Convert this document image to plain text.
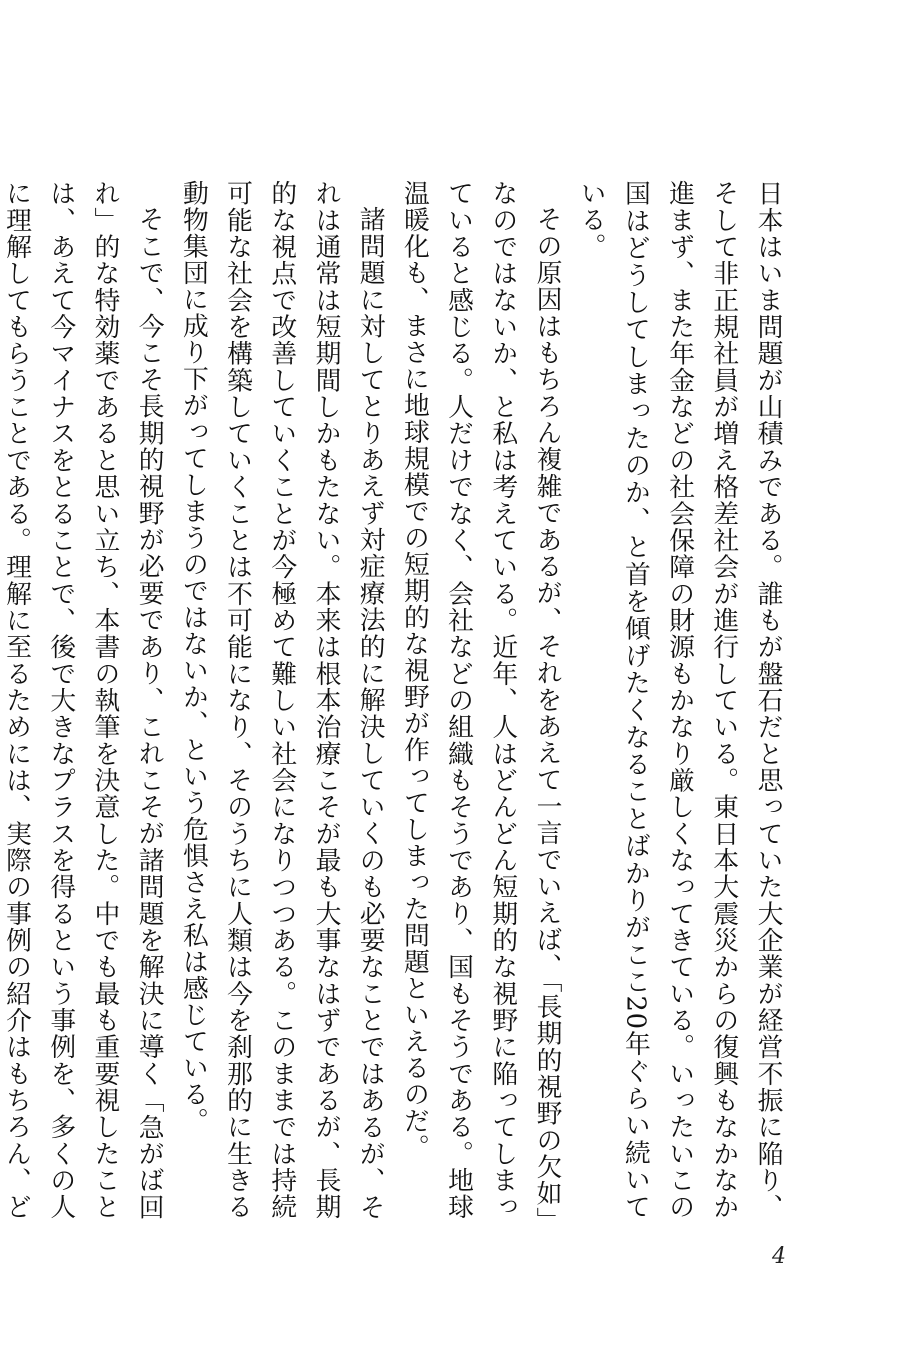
日本はいま問題が山積みである。誰もが盤石だと思っていた大企業が経営不振に陥り、そして非正規社員が増え格差社会が進行している。東日本大震災からの復興もなかなか進まず、また年金などの社会保障の財源もかなり厳しくなってきている。いったいこの国はどうしてしまったのか、と首を傾げたくなることばかりがここ20年ぐらい続いている。

その原因はもちろん複雑であるが、それをあえて一言でいえば、「長期的視野の欠如」なのではないか、と私は考えている。近年、人はどんどん短期的な視野に陥ってしまっていると感じる。人だけでなく、会社などの組織もそうであり、国もそうである。地球温暖化も、まさに地球規模での短期的な視野が作ってしまった問題といえるのだ。

諸問題に対してとりあえず対症療法的に解決していくのも必要なことではあるが、それは通常は短期間しかもたない。本来は根本治療こそが最も大事なはずであるが、長期的な視点で改善していくことが今極めて難しい社会になりつつある。このままでは持続可能な社会を構築していくことは不可能になり、そのうちに人類は今を刹那的に生きる動物集団に成り下がってしまうのではないか、という危惧さえ私は感じている。

そこで、今こそ長期的視野が必要であり、これこそが諸問題を解決に導く「急がば回れ」的な特効薬であると思い立ち、本書の執筆を決意した。中でも最も重要視したことは、あえて今マイナスをとることで、後で大きなプラスを得るという事例を、多くの人に理解してもらうことである。理解に至るためには、実際の事例の紹介はもちろん、ど

4
